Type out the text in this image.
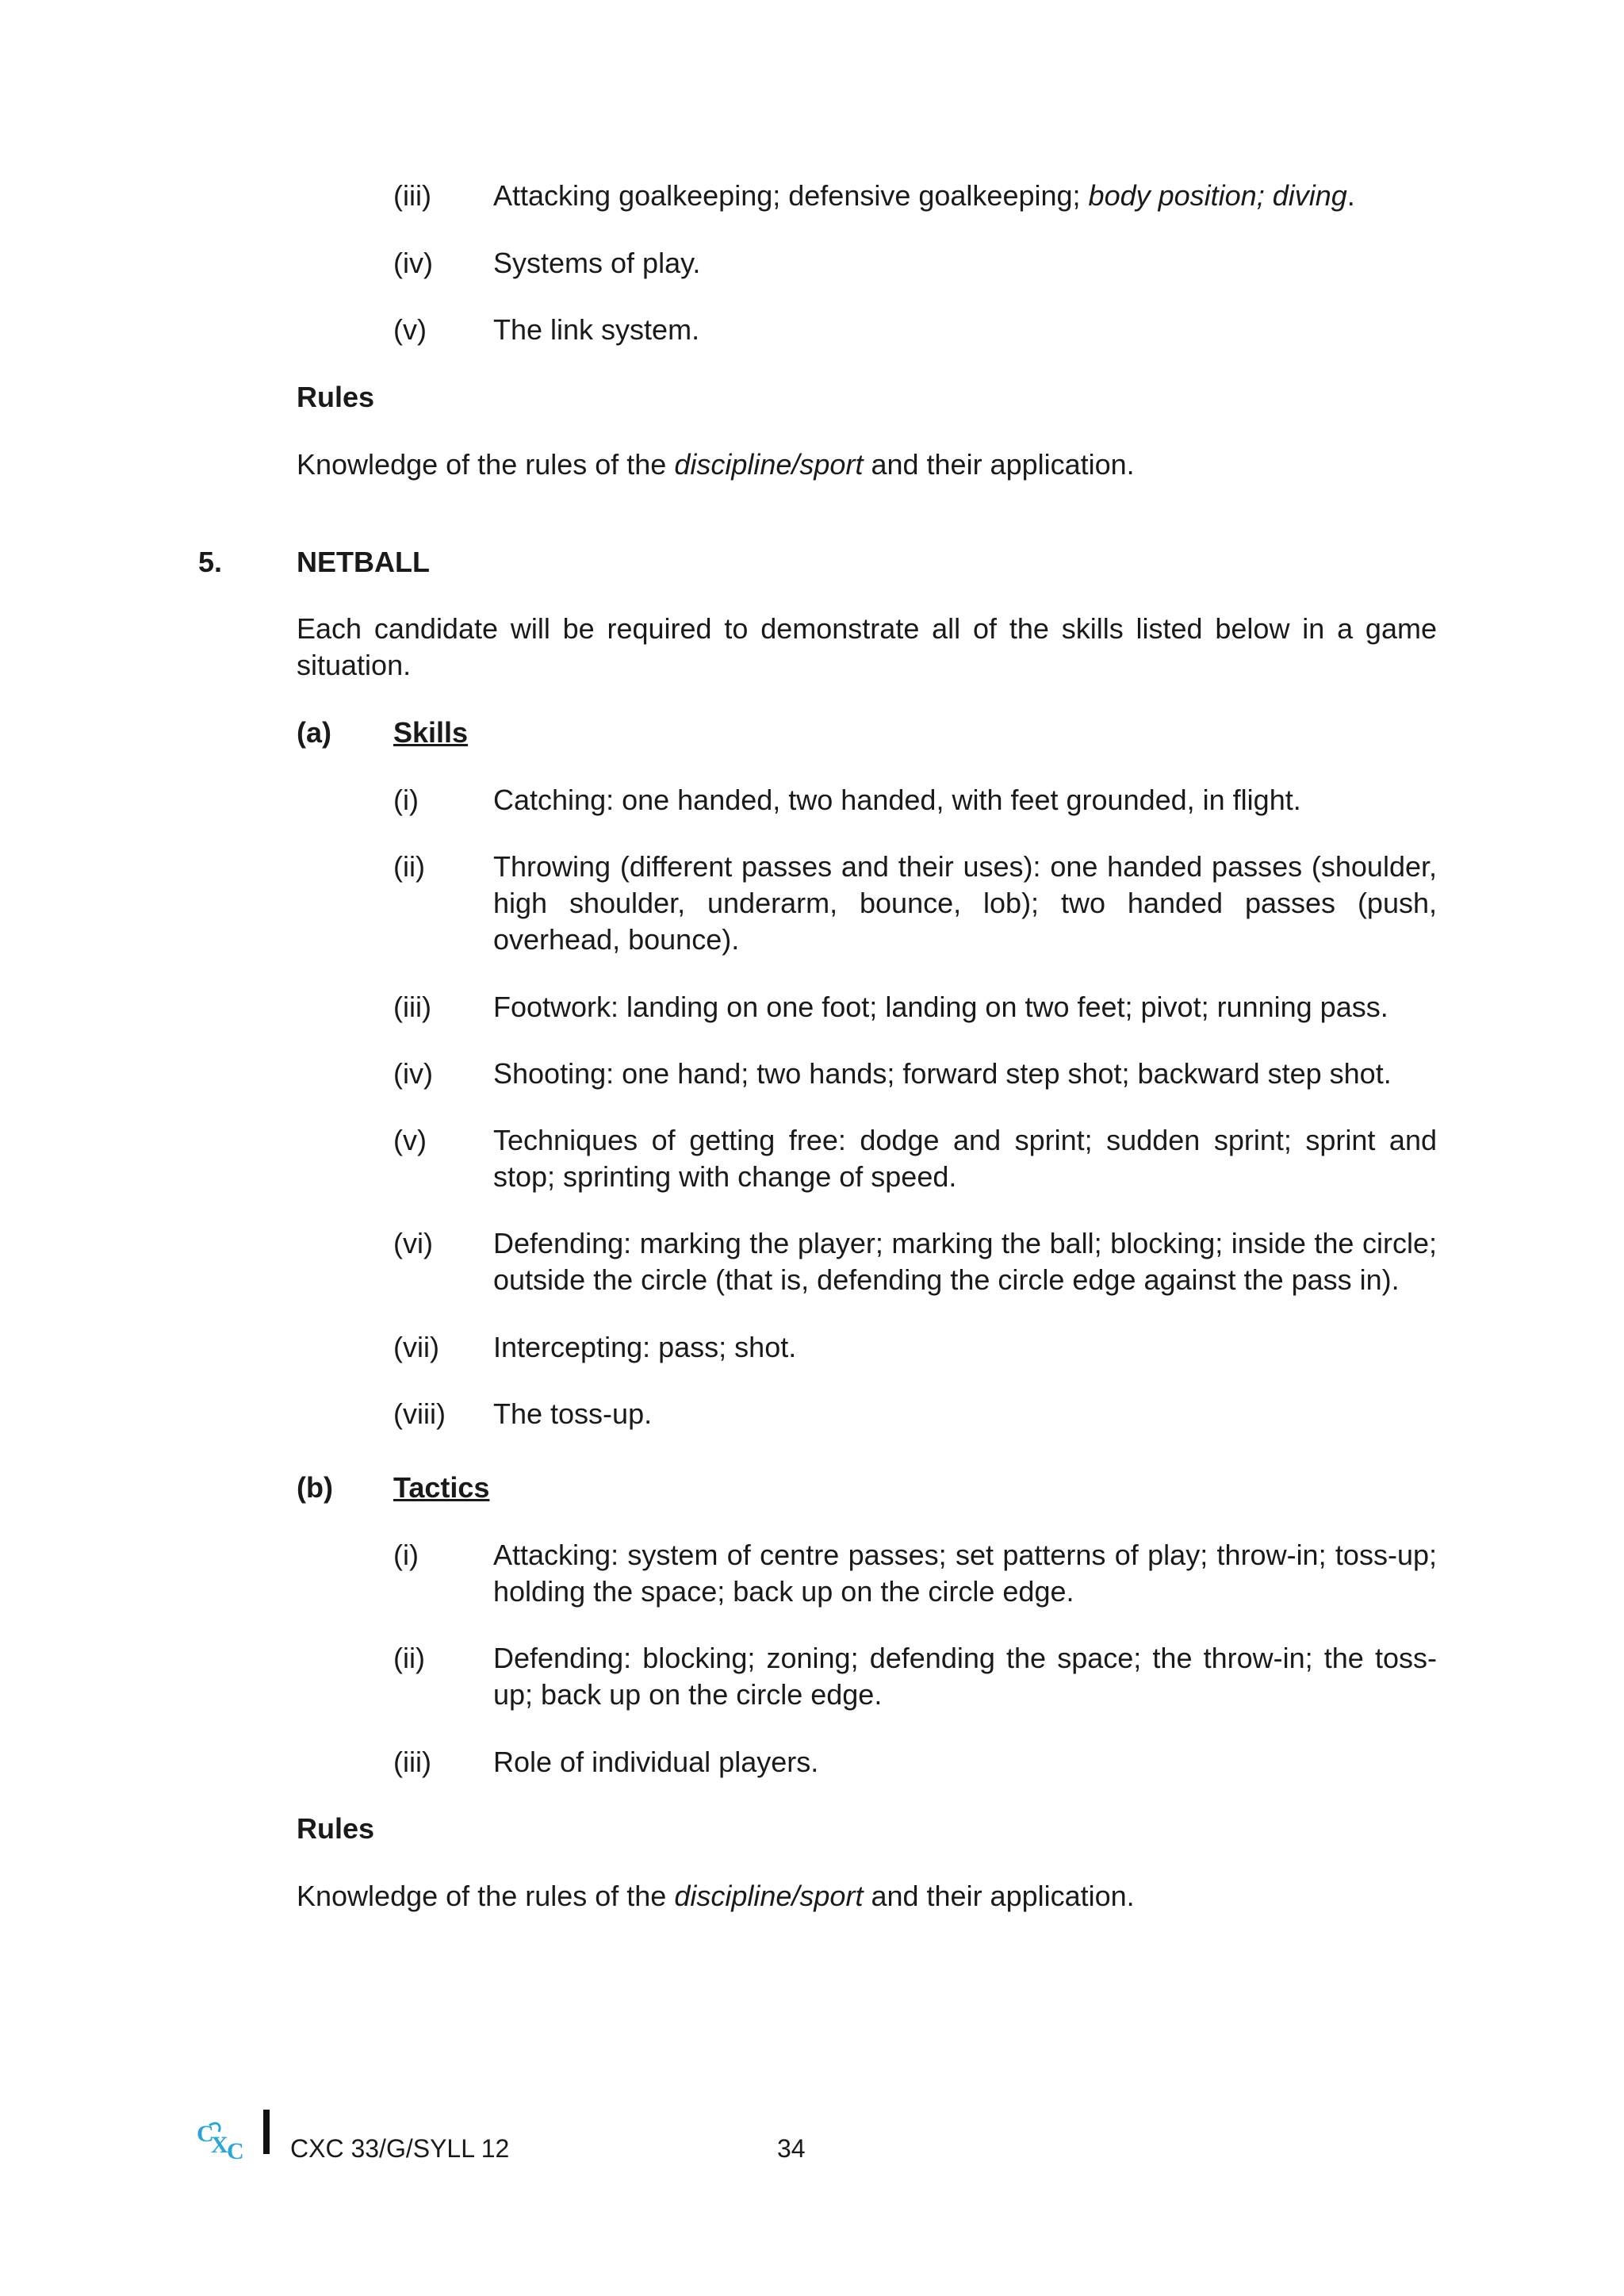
(iii) Attacking goalkeeping; defensive goalkeeping; body position; diving.
(iv) Systems of play.
(v) The link system.
Rules
Knowledge of the rules of the discipline/sport and their application.
5.	NETBALL
Each candidate will be required to demonstrate all of the skills listed below in a game situation.
(a) Skills
(i)	Catching: one handed, two handed, with feet grounded, in flight.
(ii) Throwing (different passes and their uses): one handed passes (shoulder, high shoulder, underarm, bounce, lob); two handed passes (push, overhead, bounce).
(iii) Footwork: landing on one foot; landing on two feet; pivot; running pass.
(iv) Shooting: one hand; two hands; forward step shot; backward step shot.
(v) Techniques of getting free: dodge and sprint; sudden sprint; sprint and stop; sprinting with change of speed.
(vi) Defending: marking the player; marking the ball; blocking; inside the circle; outside the circle (that is, defending the circle edge against the pass in).
(vii) Intercepting: pass; shot.
(viii) The toss-up.
(b) Tactics
(i)	Attacking: system of centre passes; set patterns of play; throw-in; toss-up; holding the space; back up on the circle edge.
(ii) Defending: blocking; zoning; defending the space; the throw-in; the toss-up; back up on the circle edge.
(iii) Role of individual players.
Rules
Knowledge of the rules of the discipline/sport and their application.
C
X
C CXC 33/G/SYLL 12	34
